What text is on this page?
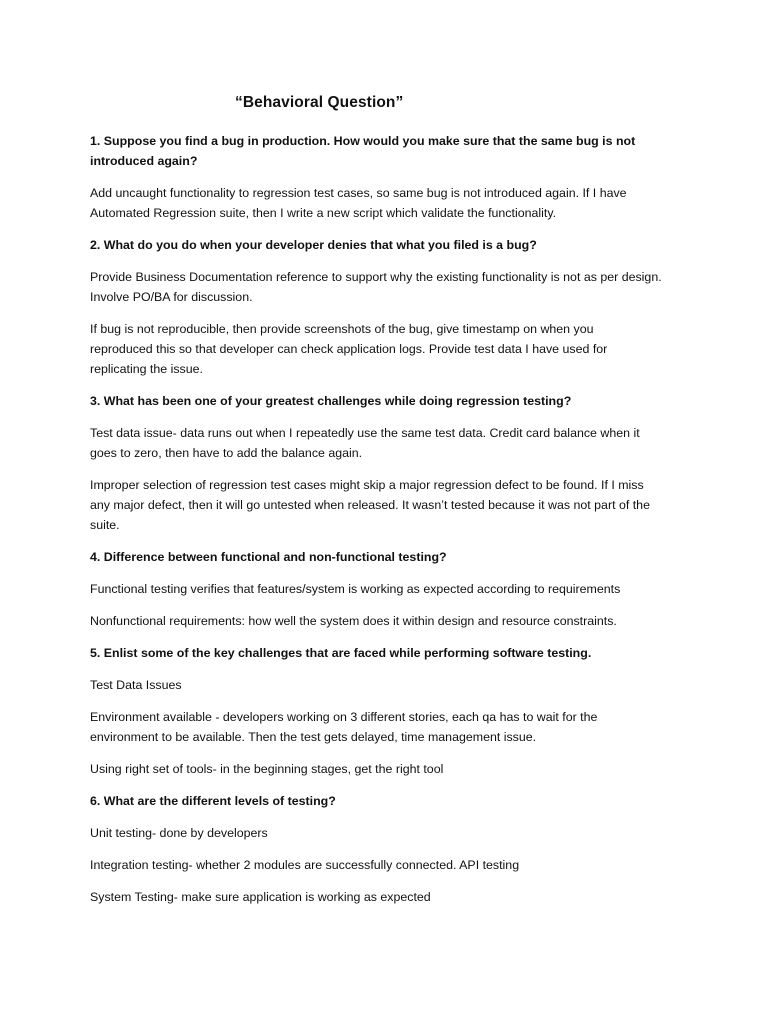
“Behavioral Question”
1. Suppose you find a bug in production. How would you make sure that the same bug is not
introduced again?
Add uncaught functionality to regression test cases, so same bug is not introduced again. If I have
Automated Regression suite, then I write a new script which validate the functionality.
2. What do you do when your developer denies that what you filed is a bug?
Provide Business Documentation reference to support why the existing functionality is not as per design.
Involve PO/BA for discussion.
If bug is not reproducible, then provide screenshots of the bug, give timestamp on when you
reproduced this so that developer can check application logs. Provide test data I have used for
replicating the issue.
3. What has been one of your greatest challenges while doing regression testing?
Test data issue- data runs out when I repeatedly use the same test data. Credit card balance when it
goes to zero, then have to add the balance again.
Improper selection of regression test cases might skip a major regression defect to be found. If I miss
any major defect, then it will go untested when released. It wasn’t tested because it was not part of the
suite.
4. Difference between functional and non-functional testing?
Functional testing verifies that features/system is working as expected according to requirements
Nonfunctional requirements: how well the system does it within design and resource constraints.
5. Enlist some of the key challenges that are faced while performing software testing.
Test Data Issues
Environment available - developers working on 3 different stories, each qa has to wait for the
environment to be available. Then the test gets delayed, time management issue.
Using right set of tools- in the beginning stages, get the right tool
6. What are the different levels of testing?
Unit testing- done by developers
Integration testing- whether 2 modules are successfully connected. API testing
System Testing- make sure application is working as expected
